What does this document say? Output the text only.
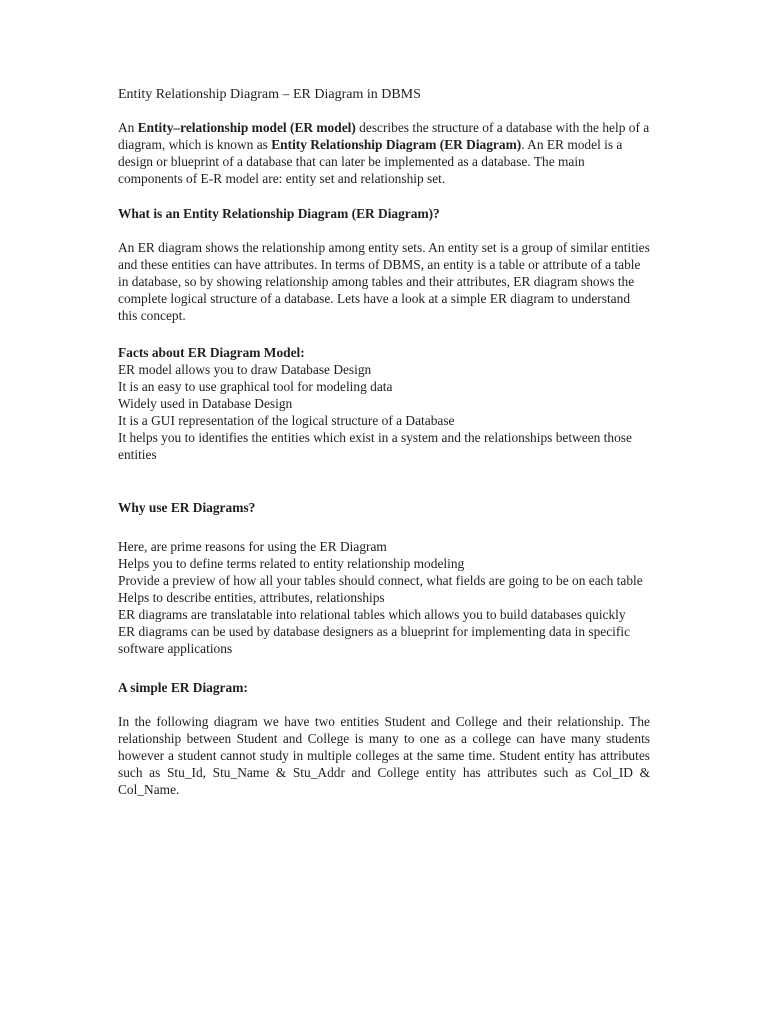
Entity Relationship Diagram – ER Diagram in DBMS

An Entity–relationship model (ER model) describes the structure of a database with the help of a diagram, which is known as Entity Relationship Diagram (ER Diagram). An ER model is a design or blueprint of a database that can later be implemented as a database. The main components of E-R model are: entity set and relationship set.

What is an Entity Relationship Diagram (ER Diagram)?

An ER diagram shows the relationship among entity sets. An entity set is a group of similar entities and these entities can have attributes. In terms of DBMS, an entity is a table or attribute of a table in database, so by showing relationship among tables and their attributes, ER diagram shows the complete logical structure of a database. Lets have a look at a simple ER diagram to understand this concept.

Facts about ER Diagram Model:

ER model allows you to draw Database Design

It is an easy to use graphical tool for modeling data

Widely used in Database Design

It is a GUI representation of the logical structure of a Database

It helps you to identifies the entities which exist in a system and the relationships between those entities

Why use ER Diagrams?

Here, are prime reasons for using the ER Diagram

Helps you to define terms related to entity relationship modeling

Provide a preview of how all your tables should connect, what fields are going to be on each table

Helps to describe entities, attributes, relationships

ER diagrams are translatable into relational tables which allows you to build databases quickly

ER diagrams can be used by database designers as a blueprint for implementing data in specific software applications

A simple ER Diagram:

In the following diagram we have two entities Student and College and their relationship. The relationship between Student and College is many to one as a college can have many students however a student cannot study in multiple colleges at the same time. Student entity has attributes such as Stu_Id, Stu_Name & Stu_Addr and College entity has attributes such as Col_ID & Col_Name.
